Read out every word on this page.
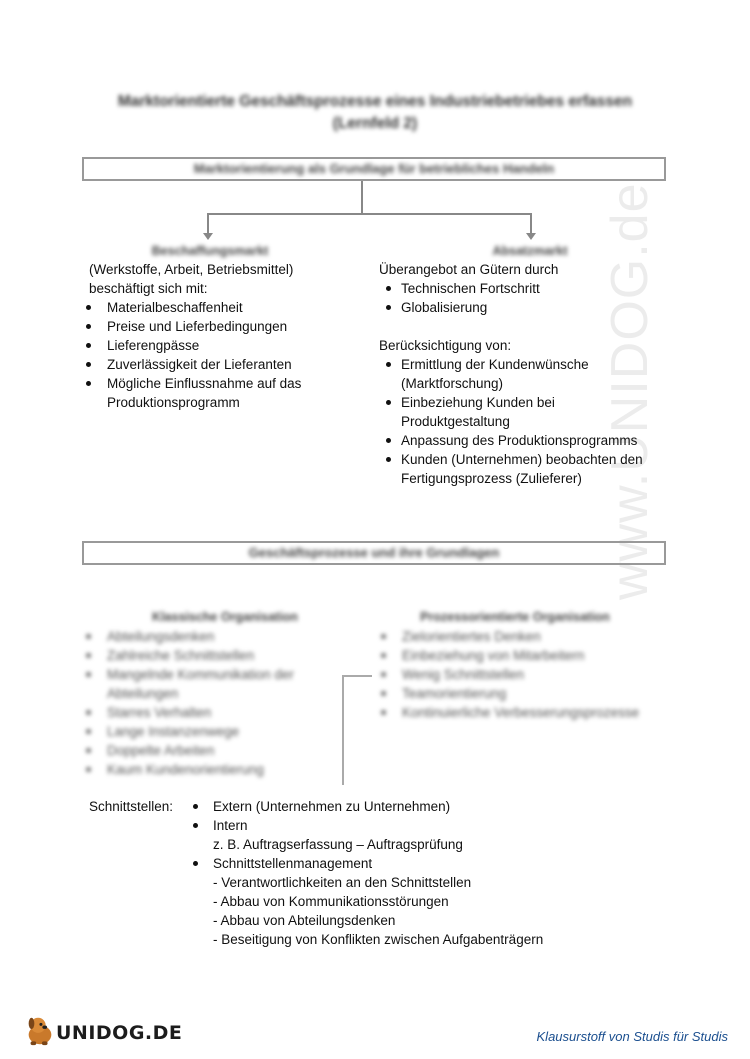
www.UNIDOG.de
Marktorientierte Geschäftsprozesse eines Industriebetriebes erfassen
(Lernfeld 2)
Marktorientierung als Grundlage für betriebliches Handeln
Beschaffungsmarkt	Absatzmarkt
(Werkstoffe, Arbeit, Betriebsmittel)
beschäftigt sich mit:
Materialbeschaffenheit
Preise und Lieferbedingungen
Lieferengpässe
Zuverlässigkeit der Lieferanten
Mögliche Einflussnahme auf das
Produktionsprogramm
Überangebot an Gütern durch
Technischen Fortschritt
Globalisierung
Berücksichtigung von:
Ermittlung der Kundenwünsche
(Marktforschung)
Einbeziehung Kunden bei
Produktgestaltung
Anpassung des Produktionsprogramms
Kunden (Unternehmen) beobachten den
Fertigungsprozess (Zulieferer)
Geschäftsprozesse und ihre Grundlagen
Klassische Organisation	Prozessorientierte Organisation
Abteilungsdenken
Zahlreiche Schnittstellen
Mangelnde Kommunikation der
Abteilungen
Starres Verhalten
Lange Instanzenwege
Doppelte Arbeiten
Kaum Kundenorientierung
Zielorientiertes Denken
Einbeziehung von Mitarbeitern
Wenig Schnittstellen
Teamorientierung
Kontinuierliche Verbesserungsprozesse
Schnittstellen:	Extern (Unternehmen zu Unternehmen)
Intern
z. B. Auftragserfassung – Auftragsprüfung
Schnittstellenmanagement
- Verantwortlichkeiten an den Schnittstellen
- Abbau von Kommunikationsstörungen
- Abbau von Abteilungsdenken
- Beseitigung von Konflikten zwischen Aufgabenträgern
UNIDOG.DE	Klausurstoff von Studis für Studis
